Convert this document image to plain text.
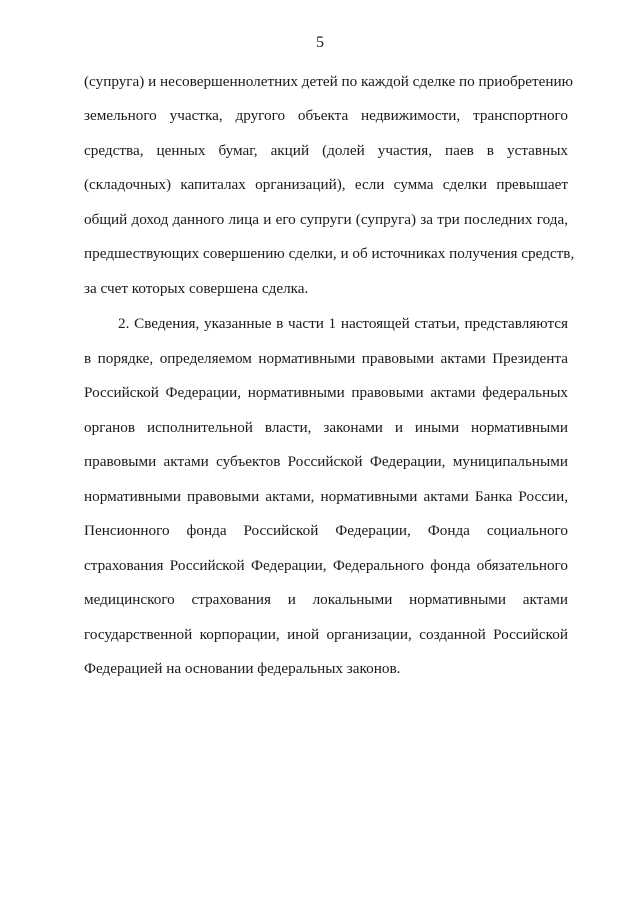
5
(супруга) и несовершеннолетних детей по каждой сделке по приобретению
земельного участка, другого объекта недвижимости, транспортного
средства, ценных бумаг, акций (долей участия, паев в уставных
(складочных) капиталах организаций), если сумма сделки превышает
общий доход данного лица и его супруги (супруга) за три последних года,
предшествующих совершению сделки, и об источниках получения средств,
за счет которых совершена сделка.
2. Сведения, указанные в части 1 настоящей статьи, представляются
в порядке, определяемом нормативными правовыми актами Президента
Российской Федерации, нормативными правовыми актами федеральных
органов исполнительной власти, законами и иными нормативными
правовыми актами субъектов Российской Федерации, муниципальными
нормативными правовыми актами, нормативными актами Банка России,
Пенсионного фонда Российской Федерации, Фонда социального
страхования Российской Федерации, Федерального фонда обязательного
медицинского страхования и локальными нормативными актами
государственной корпорации, иной организации, созданной Российской
Федерацией на основании федеральных законов.
